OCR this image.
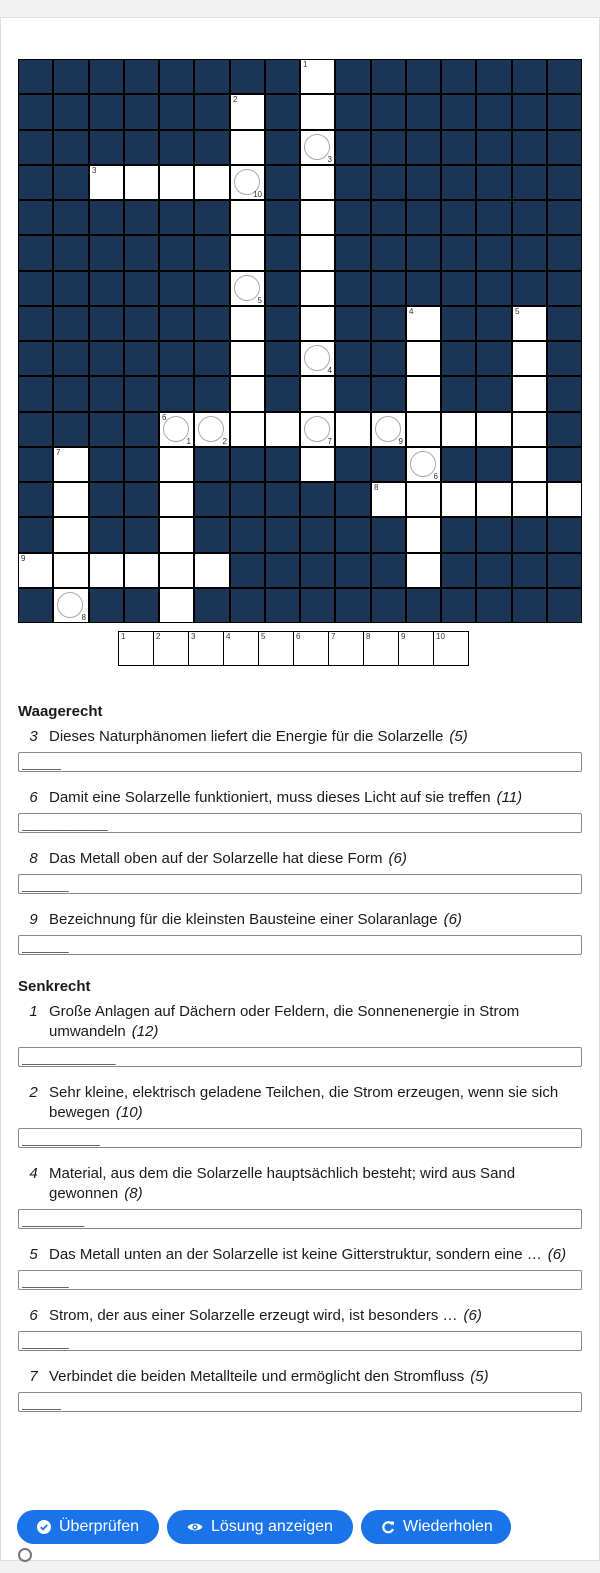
1
2
3
3
10
5
4	5
4
6
1	2	7	9
7
6
8
9
8
1	2	3	4	5	6	7	8	9	10
Waagerecht
3 Dieses Naturphänomen liefert die Energie für die Solarzelle (5)
_____
6 Damit eine Solarzelle funktioniert, muss dieses Licht auf sie treffen (11)
___________
8 Das Metall oben auf der Solarzelle hat diese Form (6)
______
9 Bezeichnung für die kleinsten Bausteine einer Solaranlage (6)
______
Senkrecht
1 Große Anlagen auf Dächern oder Feldern, die Sonnenenergie in Strom umwandeln (12)
____________
2 Sehr kleine, elektrisch geladene Teilchen, die Strom erzeugen, wenn sie sich bewegen (10)
__________
4 Material, aus dem die Solarzelle hauptsächlich besteht; wird aus Sand gewonnen (8)
________
5 Das Metall unten an der Solarzelle ist keine Gitterstruktur, sondern eine … (6)
______
6 Strom, der aus einer Solarzelle erzeugt wird, ist besonders … (6)
______
7 Verbindet die beiden Metallteile und ermöglicht den Stromfluss (5)
_____
Überprüfen	Lösung anzeigen	Wiederholen
